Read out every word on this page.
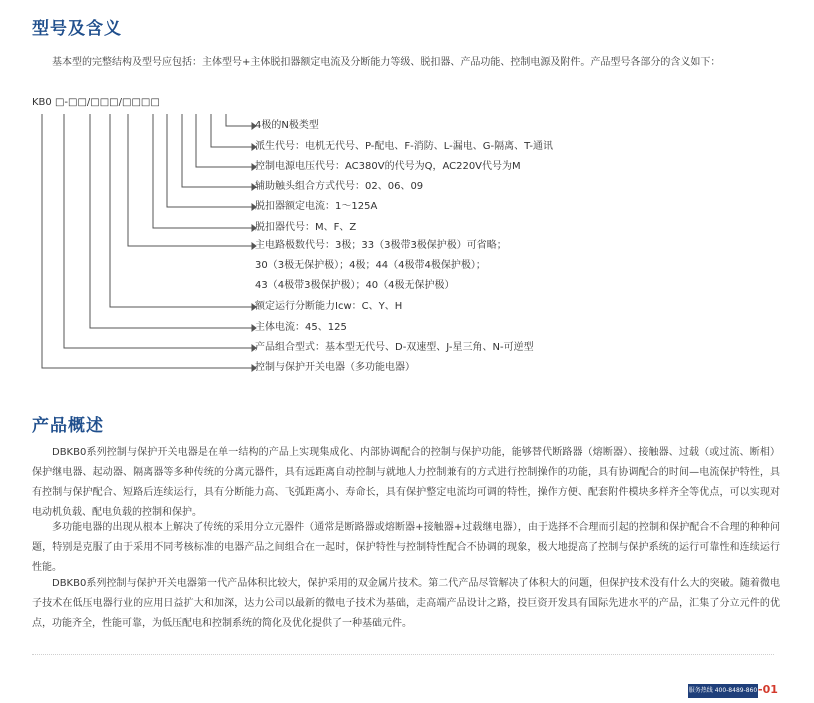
型号及含义

基本型的完整结构及型号应包括：主体型号+主体脱扣器额定电流及分断能力等级、脱扣器、产品功能、控制电源及附件。产品型号各部分的含义如下：

KB0 □-□□/□□□/□□□□
4极的N极类型
派生代号：电机无代号、P-配电、F-消防、L-漏电、G-隔离、T-通讯
控制电源电压代号：AC380V的代号为Q，AC220V代号为M
辅助触头组合方式代号：02、06、09
脱扣器额定电流：1～125A
脱扣器代号：M、F、Z
主电路极数代号：3极；33（3极带3极保护极）可省略；
30（3极无保护极）；4极；44（4极带4极保护极）；
43（4极带3极保护极）；40（4极无保护极）
额定运行分断能力Icw：C、Y、H
主体电流：45、125
产品组合型式：基本型无代号、D-双速型、J-星三角、N-可逆型
控制与保护开关电器（多功能电器）
产品概述

DBKB0系列控制与保护开关电器是在单一结构的产品上实现集成化、内部协调配合的控制与保护功能，能够替代断路器（熔断器）、接触器、过载（或过流、断相）保护继电器、起动器、隔离器等多种传统的分离元器件，具有远距离自动控制与就地人力控制兼有的方式进行控制操作的功能，具有协调配合的时间—电流保护特性，具有控制与保护配合、短路后连续运行，具有分断能力高、飞弧距离小、寿命长，具有保护整定电流均可调的特性，操作方便、配套附件模块多样齐全等优点，可以实现对电动机负载、配电负载的控制和保护。

多功能电器的出现从根本上解决了传统的采用分立元器件（通常是断路器或熔断器+接触器+过载继电器），由于选择不合理而引起的控制和保护配合不合理的种种问题，特别是克服了由于采用不同考核标准的电器产品之间组合在一起时，保护特性与控制特性配合不协调的现象，极大地提高了控制与保护系统的运行可靠性和连续运行性能。

DBKB0系列控制与保护开关电器第一代产品体积比较大，保护采用的双金属片技术。第二代产品尽管解决了体积大的问题，但保护技术没有什么大的突破。随着微电子技术在低压电器行业的应用日益扩大和加深，达力公司以最新的微电子技术为基础，走高端产品设计之路，投巨资开发具有国际先进水平的产品，汇集了分立元件的优点，功能齐全，性能可靠，为低压配电和控制系统的简化及优化提供了一种基础元件。

服务热线 400-8489-860 -01
